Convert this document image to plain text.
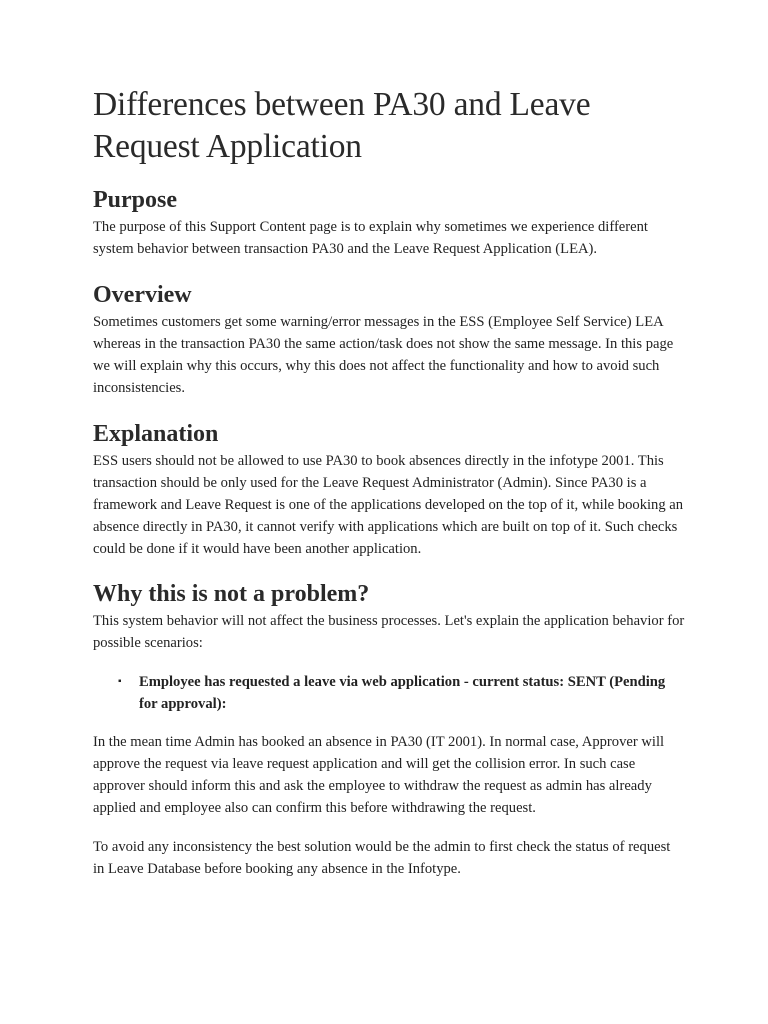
Differences between PA30 and Leave Request Application
Purpose

The purpose of this Support Content page is to explain why sometimes we experience different system behavior between transaction PA30 and the Leave Request Application (LEA).

Overview

Sometimes customers get some warning/error messages in the ESS (Employee Self Service) LEA whereas in the transaction PA30 the same action/task does not show the same message. In this page we will explain why this occurs, why this does not affect the functionality and how to avoid such inconsistencies.

Explanation

ESS users should not be allowed to use PA30 to book absences directly in the infotype 2001. This transaction should be only used for the Leave Request Administrator (Admin). Since PA30 is a framework and Leave Request is one of the applications developed on the top of it, while booking an absence directly in PA30, it cannot verify with applications which are built on top of it. Such checks could be done if it would have been another application.

Why this is not a problem?

This system behavior will not affect the business processes. Let's explain the application behavior for possible scenarios:

▪ Employee has requested a leave via web application - current status: SENT (Pending for approval):

In the mean time Admin has booked an absence in PA30 (IT 2001). In normal case, Approver will approve the request via leave request application and will get the collision error. In such case approver should inform this and ask the employee to withdraw the request as admin has already applied and employee also can confirm this before withdrawing the request.

To avoid any inconsistency the best solution would be the admin to first check the status of request in Leave Database before booking any absence in the Infotype.
